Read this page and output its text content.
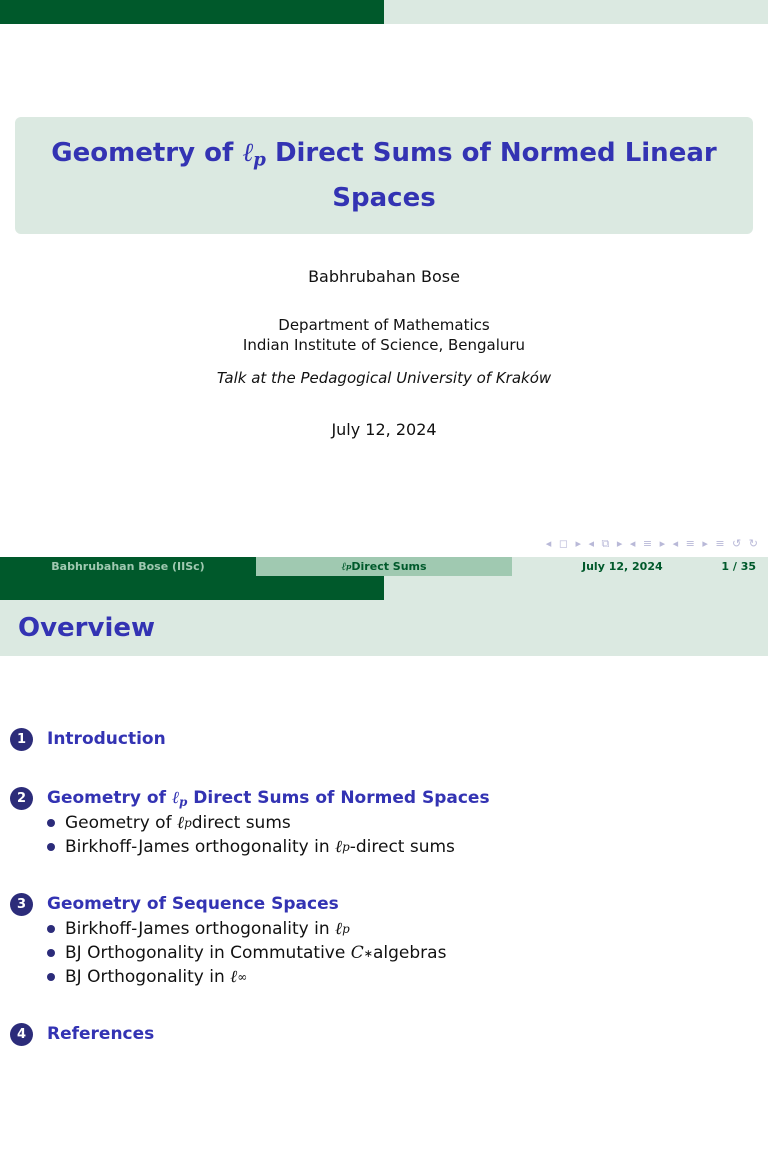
Geometry of ℓ$_p$ Direct Sums of Normed Linear Spaces
Babhrubahan Bose
Department of Mathematics
Indian Institute of Science, Bengaluru
Talk at the Pedagogical University of Kraków
July 12, 2024
◂ ◻ ▸ ◂ ⧉ ▸ ◂ ≡ ▸ ◂ ≡ ▸ ≡ ↺ ↻
Babhrubahan Bose (IISc)	ℓ p Direct Sums	July 12, 2024	1 / 35
Overview
1	Introduction
2	Geometry of ℓ$_p$ Direct Sums of Normed Spaces
Geometry of
ℓ p direct sums
Birkhoff-James orthogonality in
ℓ p -direct sums
3	Geometry of Sequence Spaces
Birkhoff-James orthogonality in
ℓ p
BJ Orthogonality in Commutative
C ∗ algebras
BJ Orthogonality in
ℓ ∞
4	References
